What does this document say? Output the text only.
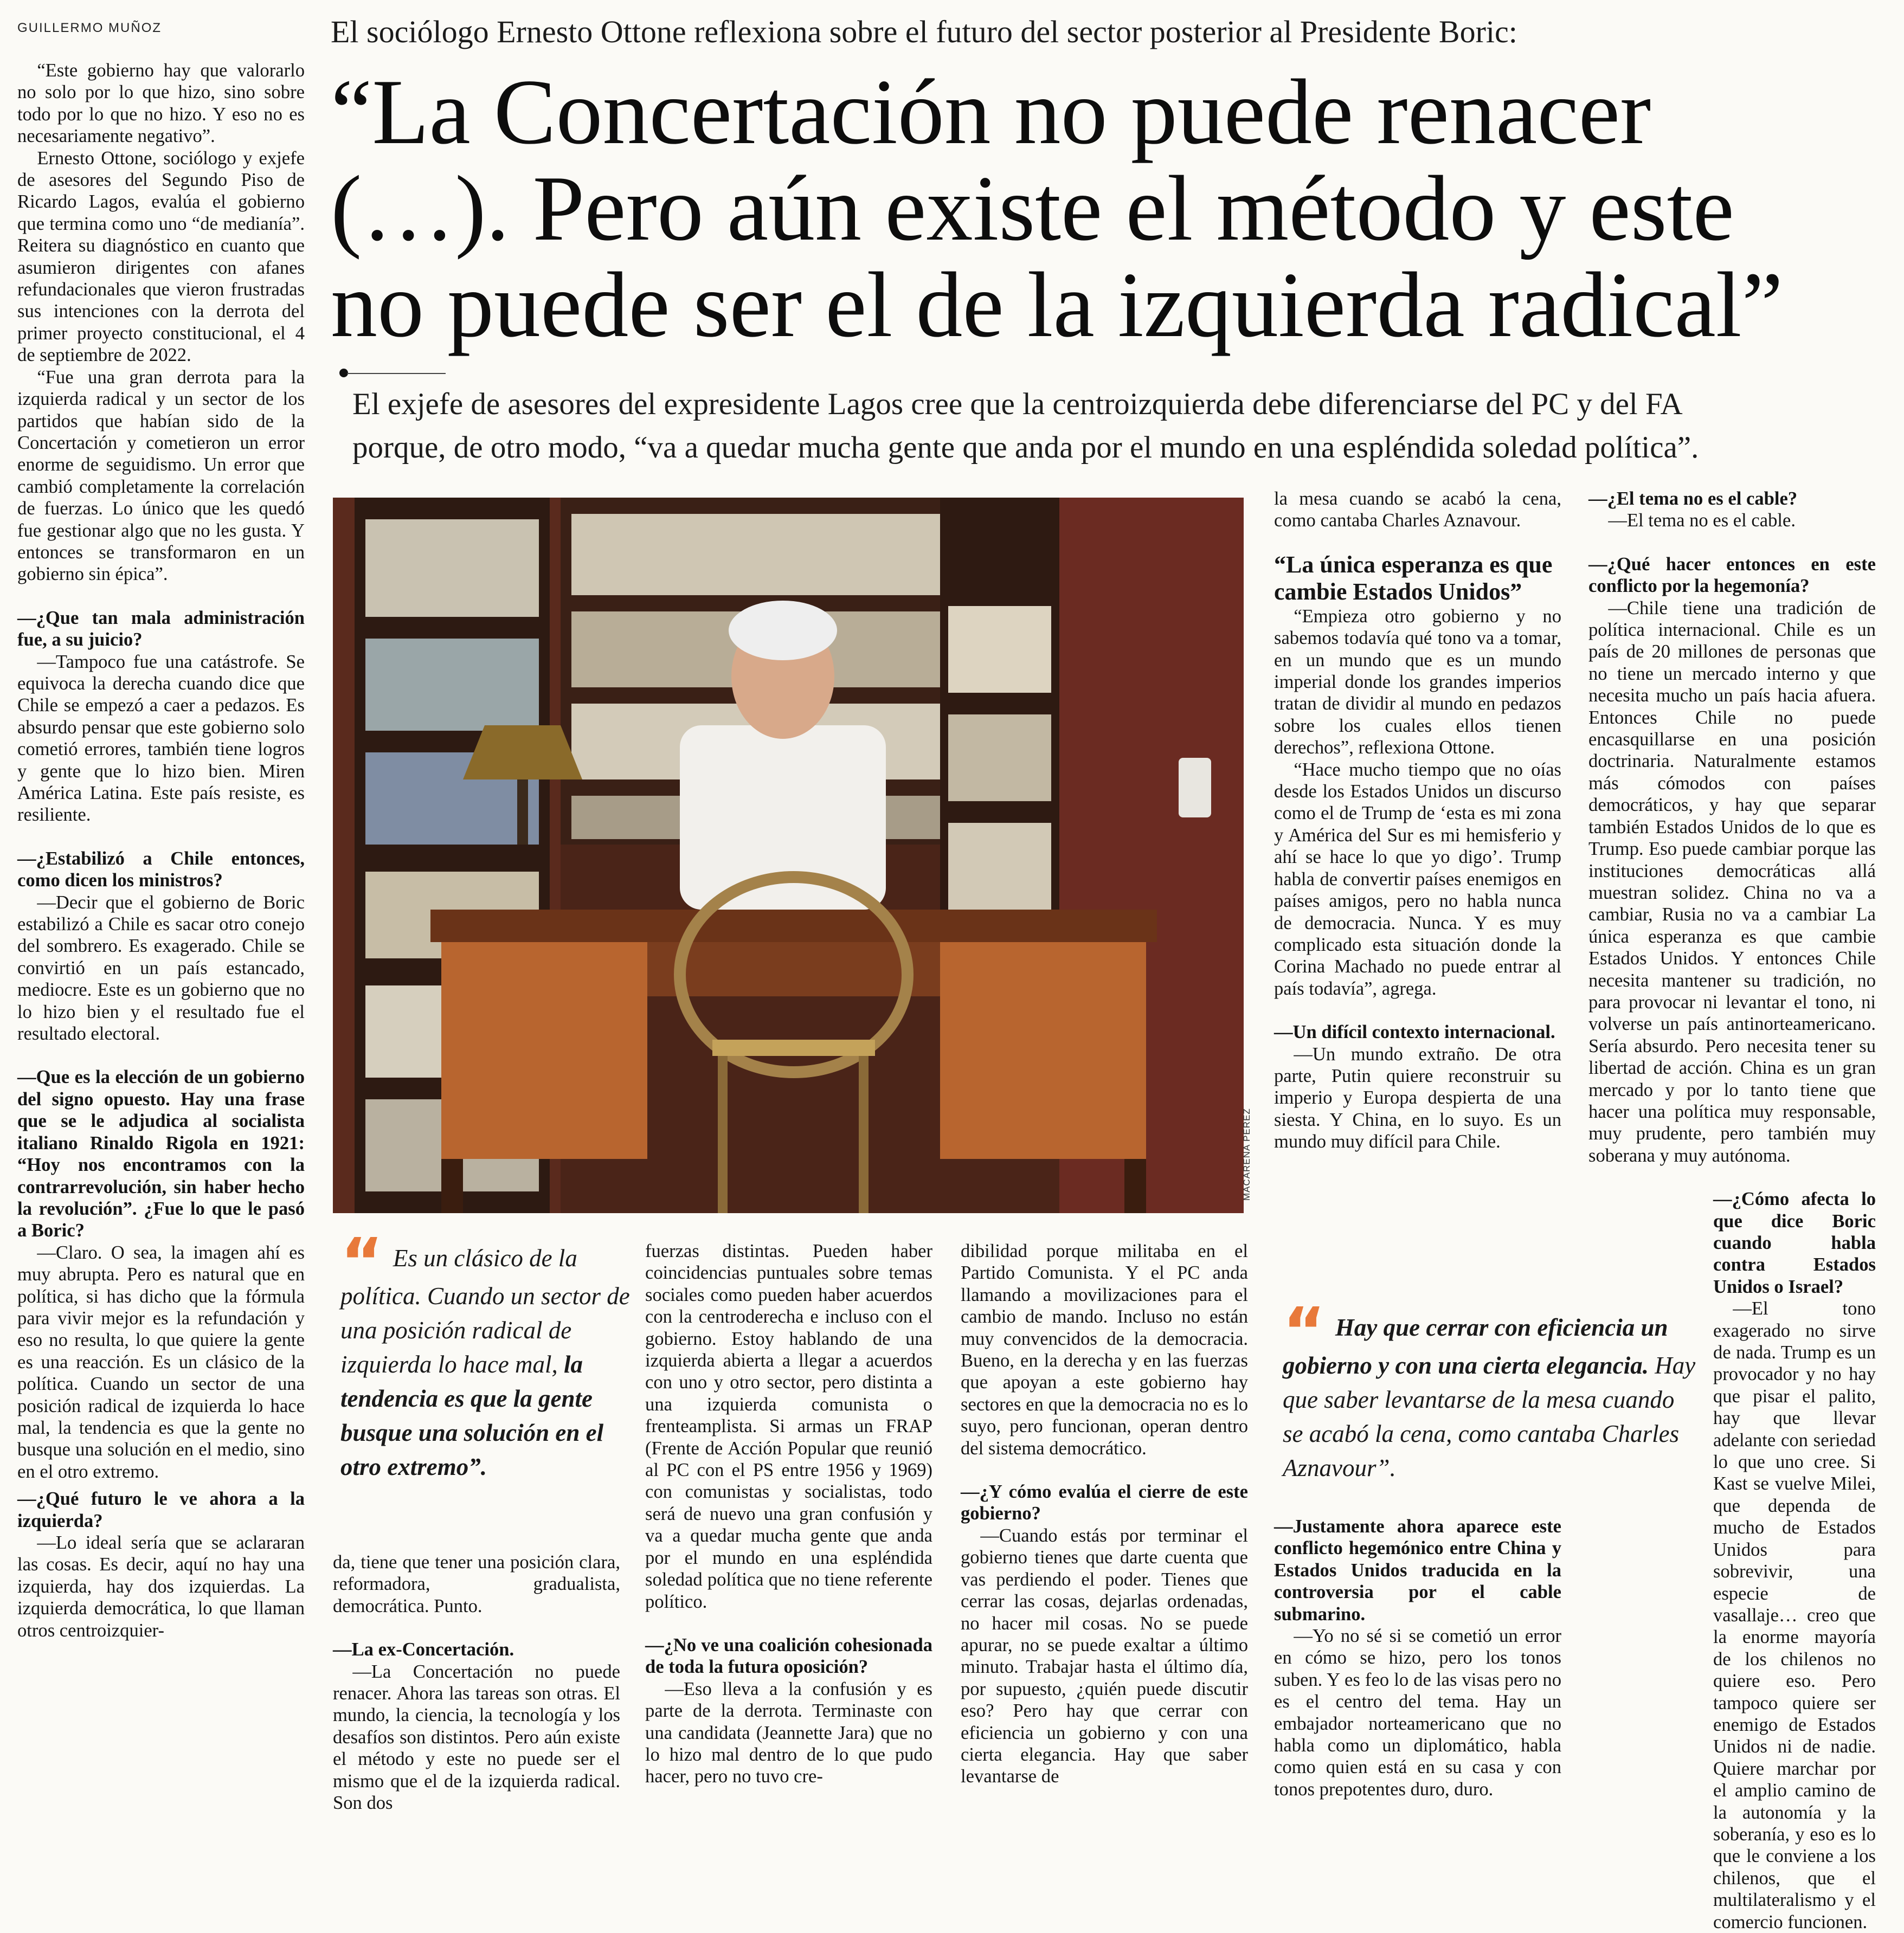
GUILLERMO MUÑOZ	El sociólogo Ernesto Ottone reflexiona sobre el futuro del sector posterior al Presidente Boric:
“La Concertación no puede renacer
(…). Pero aún existe el método y este
no puede ser el de la izquierda radical”
El exjefe de asesores del expresidente Lagos cree que la centroizquierda debe diferenciarse del PC y del FA
porque, de otro modo, “va a quedar mucha gente que anda por el mundo en una espléndida soledad política”.
MACARENA PÉREZ

“Este gobierno hay que valorarlo no solo por lo que hizo, sino sobre todo por lo que no hizo. Y eso no es necesariamente negativo”.

Ernesto Ottone, sociólogo y exjefe de asesores del Segundo Piso de Ricardo Lagos, evalúa el gobierno que termina como uno “de medianía”. Reitera su diagnóstico en cuanto que asumieron dirigentes con afanes refundacionales que vieron frustradas sus intenciones con la derrota del primer proyecto constitucional, el 4 de septiembre de 2022.

“Fue una gran derrota para la izquierda radical y un sector de los partidos que habían sido de la Concertación y cometieron un error enorme de seguidismo. Un error que cambió completamente la correlación de fuerzas. Lo único que les quedó fue gestionar algo que no les gusta. Y entonces se transformaron en un gobierno sin épica”.

—¿Que tan mala administración fue, a su juicio?

—Tampoco fue una catástrofe. Se equivoca la derecha cuando dice que Chile se empezó a caer a pedazos. Es absurdo pensar que este gobierno solo cometió errores, también tiene logros y gente que lo hizo bien. Miren América Latina. Este país resiste, es resiliente.

—¿Estabilizó a Chile entonces, como dicen los ministros?

—Decir que el gobierno de Boric estabilizó a Chile es sacar otro conejo del sombrero. Es exagerado. Chile se convirtió en un país estancado, mediocre. Este es un gobierno que no lo hizo bien y el resultado fue el resultado electoral.

—Que es la elección de un gobierno del signo opuesto. Hay una frase que se le adjudica al socialista italiano Rinaldo Rigola en 1921: “Hoy nos encontramos con la contrarrevolución, sin haber hecho la revolución”. ¿Fue lo que le pasó a Boric?

—Claro. O sea, la imagen ahí es muy abrupta. Pero es natural que en política, si has dicho que la fórmula para vivir mejor es la refundación y eso no resulta, lo que quiere la gente es una reacción. Es un clásico de la política. Cuando un sector de una posición radical de izquierda lo hace mal, la tendencia es que la gente no busque una solución en el medio, sino en el otro extremo.

—¿Qué futuro le ve ahora a la izquierda?

—Lo ideal sería que se aclararan las cosas. Es decir, aquí no hay una izquierda, hay dos izquierdas. La izquierda democrática, lo que llaman otros centroizquier-

“ Es un clásico de la política. Cuando un sector de una posición radical de izquierda lo hace mal, la tendencia es que la gente busque una solución en el otro extremo”.

da, tiene que tener una posición clara, reformadora, gradualista, democrática. Punto.

—La ex-Concertación.

—La Concertación no puede renacer. Ahora las tareas son otras. El mundo, la ciencia, la tecnología y los desafíos son distintos. Pero aún existe el método y este no puede ser el mismo que el de la izquierda radical. Son dos

fuerzas distintas. Pueden haber coincidencias puntuales sobre temas sociales como pueden haber acuerdos con la centroderecha e incluso con el gobierno. Estoy hablando de una izquierda abierta a llegar a acuerdos con uno y otro sector, pero distinta a una izquierda comunista o frenteamplista. Si armas un FRAP (Frente de Acción Popular que reunió al PC con el PS entre 1956 y 1969) con comunistas y socialistas, todo será de nuevo una gran confusión y va a quedar mucha gente que anda por el mundo en una espléndida soledad política que no tiene referente político.

—¿No ve una coalición cohesionada de toda la futura oposición?

—Eso lleva a la confusión y es parte de la derrota. Terminaste con una candidata (Jeannette Jara) que no lo hizo mal dentro de lo que pudo hacer, pero no tuvo cre-

dibilidad porque militaba en el Partido Comunista. Y el PC anda llamando a movilizaciones para el cambio de mando. Incluso no están muy convencidos de la democracia. Bueno, en la derecha y en las fuerzas que apoyan a este gobierno hay sectores en que la democracia no es lo suyo, pero funcionan, operan dentro del sistema democrático.

—¿Y cómo evalúa el cierre de este gobierno?

—Cuando estás por terminar el gobierno tienes que darte cuenta que vas perdiendo el poder. Tienes que cerrar las cosas, dejarlas ordenadas, no hacer mil cosas. No se puede apurar, no se puede exaltar a último minuto. Trabajar hasta el último día, por supuesto, ¿quién puede discutir eso? Pero hay que cerrar con eficiencia un gobierno y con una cierta elegancia. Hay que saber levantarse de

la mesa cuando se acabó la cena, como cantaba Charles Aznavour.

“La única esperanza es que cambie Estados Unidos”

“Empieza otro gobierno y no sabemos todavía qué tono va a tomar, en un mundo que es un mundo imperial donde los grandes imperios tratan de dividir al mundo en pedazos sobre los cuales ellos tienen derechos”, reflexiona Ottone.

“Hace mucho tiempo que no oías desde los Estados Unidos un discurso como el de Trump de ‘esta es mi zona y América del Sur es mi hemisferio y ahí se hace lo que yo digo’. Trump habla de convertir países enemigos en países amigos, pero no habla nunca de democracia. Nunca. Y es muy complicado esta situación donde la Corina Machado no puede entrar al país todavía”, agrega.

—Un difícil contexto internacional.

—Un mundo extraño. De otra parte, Putin quiere reconstruir su imperio y Europa despierta de una siesta. Y China, en lo suyo. Es un mundo muy difícil para Chile.

“ Hay que cerrar con eficiencia un gobierno y con una cierta elegancia. Hay que saber levantarse de la mesa cuando se acabó la cena, como cantaba Charles Aznavour”.

—Justamente ahora aparece este conflicto hegemónico entre China y Estados Unidos traducida en la controversia por el cable submarino.

—Yo no sé si se cometió un error en cómo se hizo, pero los tonos suben. Y es feo lo de las visas pero no es el centro del tema. Hay un embajador norteamericano que no habla como un diplomático, habla como quien está en su casa y con tonos prepotentes duro, duro.

—¿El tema no es el cable?

—El tema no es el cable.

—¿Qué hacer entonces en este conflicto por la hegemonía?

—Chile tiene una tradición de política internacional. Chile es un país de 20 millones de personas que no tiene un mercado interno y que necesita mucho un país hacia afuera. Entonces Chile no puede encasquillarse en una posición doctrinaria. Naturalmente estamos más cómodos con países democráticos, y hay que separar también Estados Unidos de lo que es Trump. Eso puede cambiar porque las instituciones democráticas allá muestran solidez. China no va a cambiar, Rusia no va a cambiar La única esperanza es que cambie Estados Unidos. Y entonces Chile necesita mantener su tradición, no para provocar ni levantar el tono, ni volverse un país antinorteamericano. Sería absurdo. Pero necesita tener su libertad de acción. China es un gran mercado y por lo tanto tiene que hacer una política muy responsable, muy prudente, pero también muy soberana y muy autónoma.

—¿Cómo afecta lo que dice Boric cuando habla contra Estados Unidos o Israel?

—El tono exagerado no sirve de nada. Trump es un provocador y no hay que pisar el palito, hay que llevar adelante con seriedad lo que uno cree. Si Kast se vuelve Milei, que dependa de mucho de Estados Unidos para sobrevivir, una especie de vasallaje… creo que la enorme mayoría de los chilenos no quiere eso. Pero tampoco quiere ser enemigo de Estados Unidos ni de nadie. Quiere marchar por el amplio camino de la autonomía y la soberanía, y eso es lo que le conviene a los chilenos, que el multilateralismo y el comercio funcionen.
